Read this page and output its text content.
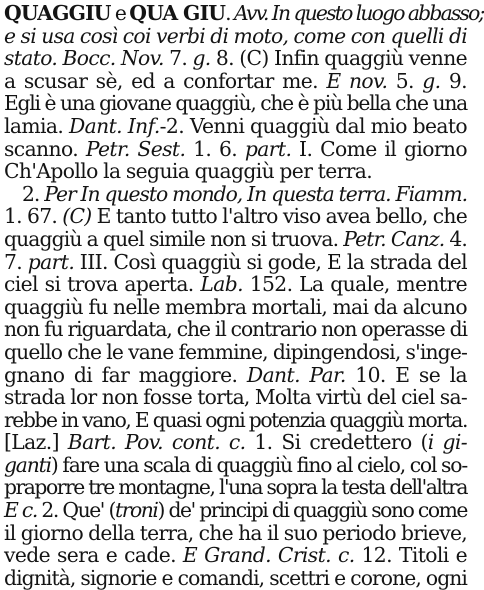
QUAGGIU e QUA GIU. Avv. In questo luogo abbasso;
e si usa così coi verbi di moto, come con quelli di
stato. Bocc. Nov. 7. g. 8. (C) Infin quaggiù venne
a scusar sè, ed a confortar me. E nov. 5. g. 9.
Egli è una giovane quaggiù, che è più bella che una
lamia. Dant. Inf.-2. Venni quaggiù dal mio beato
scanno. Petr. Sest. 1. 6. part. I. Come il giorno
Ch'Apollo la seguia quaggiù per terra.
2. Per In questo mondo, In questa terra. Fiamm.
1. 67. (C) E tanto tutto l'altro viso avea bello, che
quaggiù a quel simile non si truova. Petr. Canz. 4.
7. part. III. Così quaggiù si gode, E la strada del
ciel si trova aperta. Lab. 152. La quale, mentre
quaggiù fu nelle membra mortali, mai da alcuno
non fu riguardata, che il contrario non operasse di
quello che le vane femmine, dipingendosi, s'inge-
gnano di far maggiore. Dant. Par. 10. E se la
strada lor non fosse torta, Molta virtù del ciel sa-
rebbe in vano, E quasi ogni potenzia quaggiù morta.
[Laz.] Bart. Pov. cont. c. 1. Si credettero (i gi-
ganti) fare una scala di quaggiù fino al cielo, col so-
praporre tre montagne, l'una sopra la testa dell'altra
E c. 2. Que' (troni) de' principi di quaggiù sono come
il giorno della terra, che ha il suo periodo brieve,
vede sera e cade. E Grand. Crist. c. 12. Titoli e
dignità, signorie e comandi, scettri e corone, ogni
